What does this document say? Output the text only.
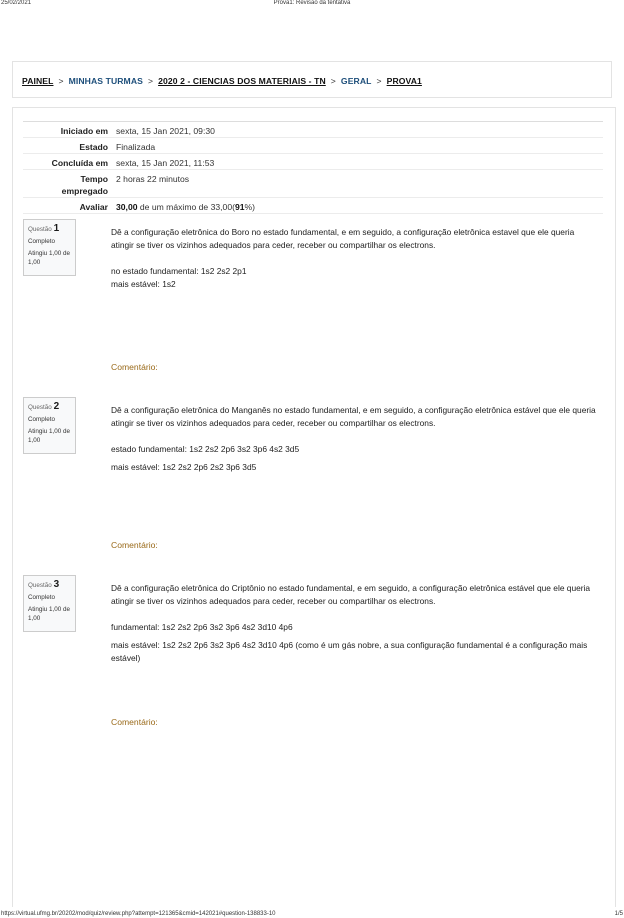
25/02/2021	Prova1: Revisão da tentativa
PAINEL > MINHAS TURMAS > 2020 2 - CIENCIAS DOS MATERIAIS - TN > GERAL > PROVA1
Iniciado em sexta, 15 Jan 2021, 09:30
Estado Finalizada
Concluída em sexta, 15 Jan 2021, 11:53
Tempo
empregado
2 horas 22 minutos
Avaliar 30,00 de um máximo de 33,00(91%)
Questão 1
Completo
Atingiu 1,00 de
1,00
Dê a configuração eletrônica do Boro no estado fundamental, e em seguido, a configuração eletrônica estavel que ele queria atingir se tiver os vizinhos adequados para ceder, receber ou compartilhar os electrons.

no estado fundamental: 1s2 2s2 2p1

mais estável: 1s2

Comentário:
Questão 2
Completo
Atingiu 1,00 de
1,00
Dê a configuração eletrônica do Manganês no estado fundamental, e em seguido, a configuração eletrônica estável que ele queria atingir se tiver os vizinhos adequados para ceder, receber ou compartilhar os electrons.

estado fundamental: 1s2 2s2 2p6 3s2 3p6 4s2 3d5

mais estável: 1s2 2s2 2p6 2s2 3p6 3d5

Comentário:
Questão 3
Completo
Atingiu 1,00 de
1,00
Dê a configuração eletrônica do Criptônio no estado fundamental, e em seguido, a configuração eletrônica estável que ele queria atingir se tiver os vizinhos adequados para ceder, receber ou compartilhar os electrons.

fundamental: 1s2 2s2 2p6 3s2 3p6 4s2 3d10 4p6

mais estável: 1s2 2s2 2p6 3s2 3p6 4s2 3d10 4p6 (como é um gás nobre, a sua configuração fundamental é a configuração mais estável)

Comentário:
https://virtual.ufmg.br/20202/mod/quiz/review.php?attempt=121365&cmid=142021#question-138833-10	1/5
